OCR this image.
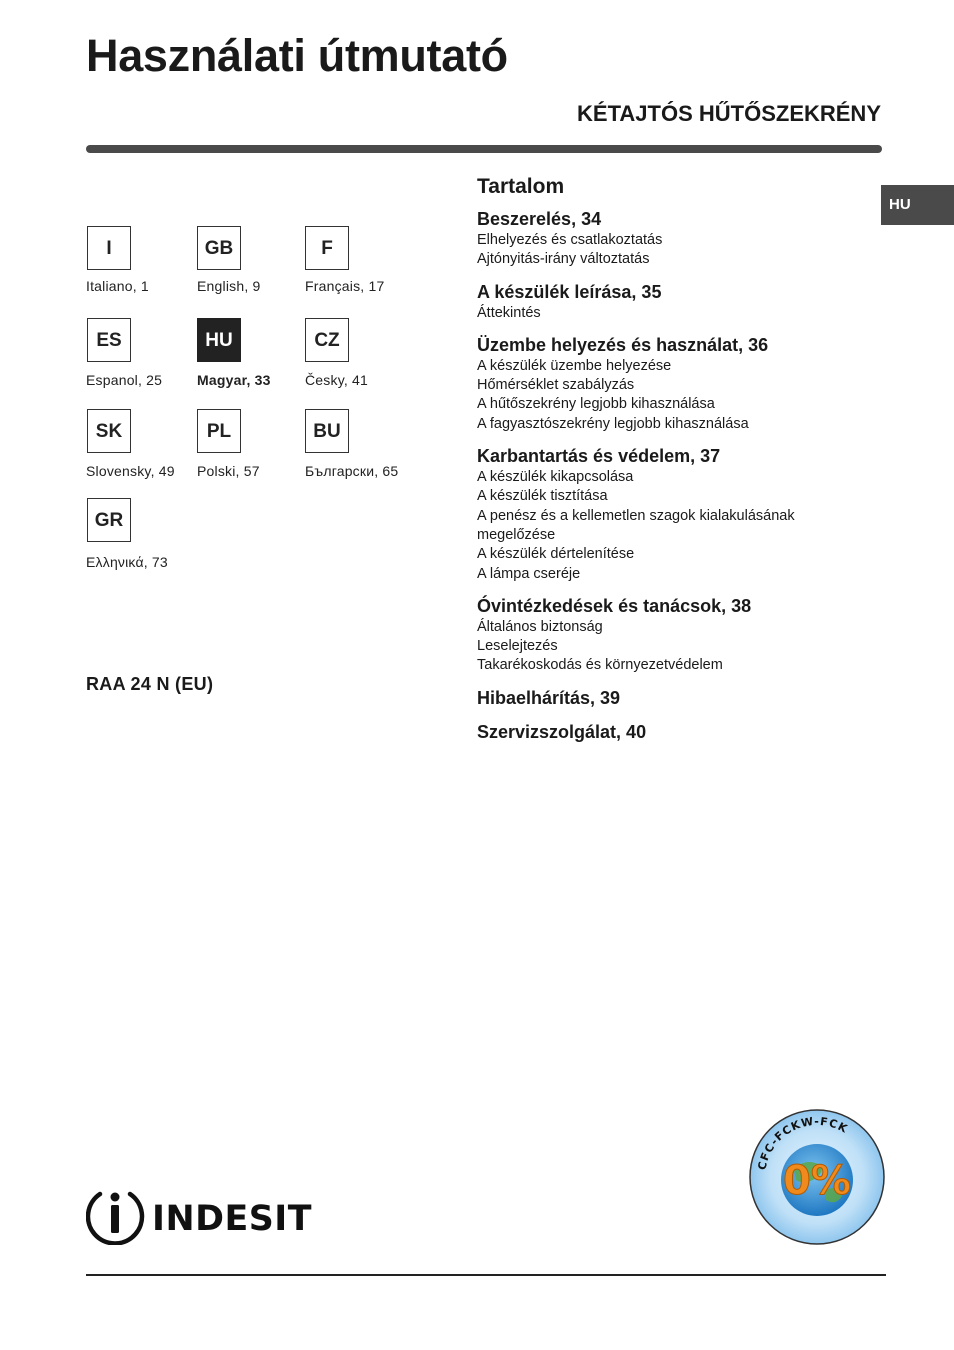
Használati útmutató
KÉTAJTÓS HŰTŐSZEKRÉNY
HU
I
Italiano, 1
GB
English, 9
F
Français, 17
ES
Espanol, 25
HU
Magyar, 33
CZ
Česky, 41
SK
Slovensky, 49
PL
Polski, 57
BU
Български, 65
GR
Ελληνικά, 73
RAA 24 N (EU)
Tartalom
Beszerelés, 34
Elhelyezés és csatlakoztatás
Ajtónyitás-irány változtatás
A készülék leírása, 35
Áttekintés
Üzembe helyezés és használat, 36
A készülék üzembe helyezése
Hőmérséklet szabályzás
A hűtőszekrény legjobb kihasználása
A fagyasztószekrény legjobb kihasználása
Karbantartás és védelem, 37
A készülék kikapcsolása
A készülék tisztítása
A penész és a kellemetlen szagok kialakulásának
megelőzése
A készülék dértelenítése
A lámpa cseréje
Óvintézkedések és tanácsok, 38
Általános biztonság
Leselejtezés
Takarékoskodás és környezetvédelem
Hibaelhárítás, 39
Szervizszolgálat, 40
INDESIT
CFC-FCKW-FCK
0%
